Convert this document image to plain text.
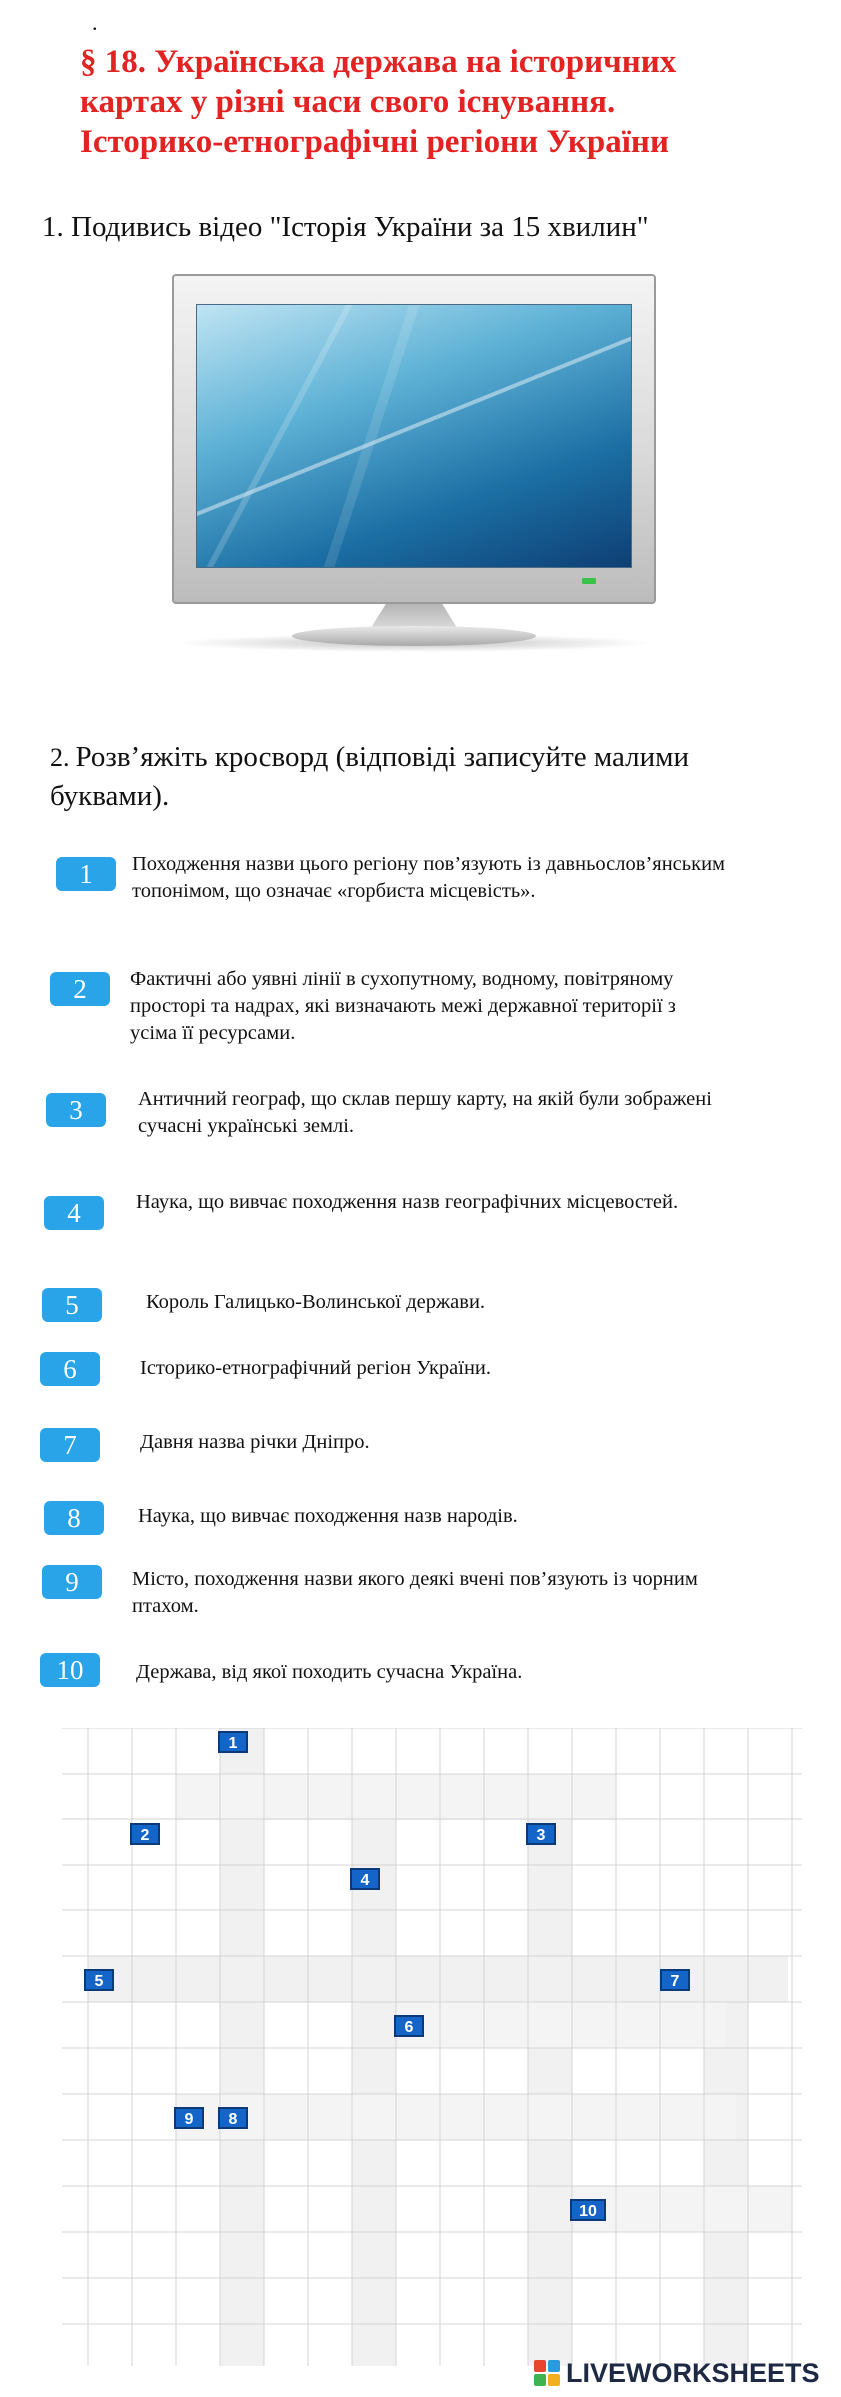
.
§ 18. Українська держава на історичних
картах у різні часи свого існування.
Історико-етнографічні регіони України
1. Подивись відео "Історія України за 15 хвилин"
2. Розв’яжіть кросворд (відповіді записуйте малими буквами).
1	Походження назви цього регіону пов’язують із давньослов’янським топонімом, що означає «горбиста місцевість».
2	Фактичні або уявні лінії в сухопутному, водному, повітряному просторі та надрах, які визначають межі державної території з усіма її ресурсами.
3	Античний географ, що склав першу карту, на якій були зображені сучасні українські землі.
4	Наука, що вивчає походження назв географічних місцевостей.
5	Король Галицько-Волинської держави.
6	Історико-етнографічний регіон України.
7	Давня назва річки Дніпро.
8	Наука, що вивчає походження назв народів.
9	Місто, походження назви якого деякі вчені пов’язують із чорним птахом.
10	Держава, від якої походить сучасна Україна.
1
2	3
4
5
6
7
8
9
10
LIVEWORKSHEETS
